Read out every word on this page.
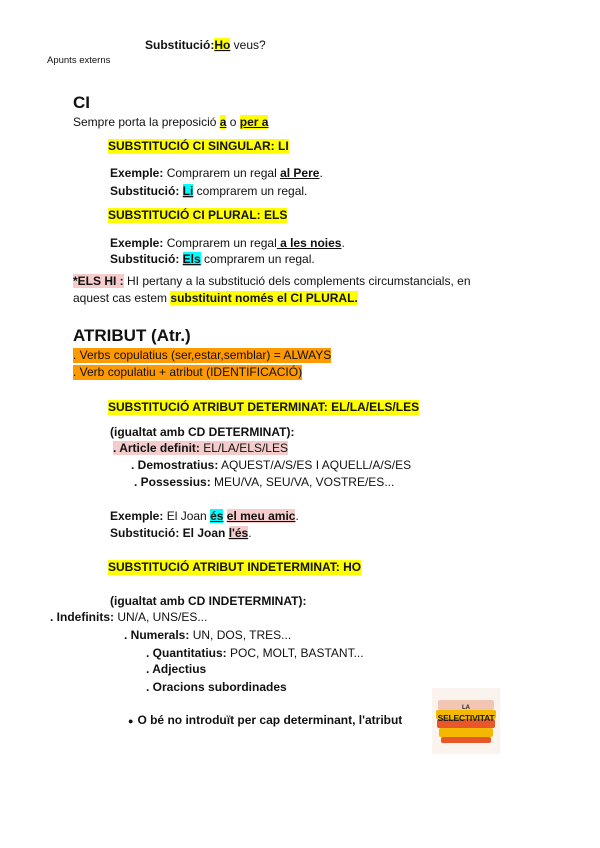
Substitució:Ho veus?
Apunts externs
CI
Sempre porta la preposició a o per a
SUBSTITUCIÓ CI SINGULAR: LI
Exemple: Comprarem un regal al Pere.
Substitució: Li comprarem un regal.
SUBSTITUCIÓ CI PLURAL: ELS
Exemple: Comprarem un regal a les noies.
Substitució: Els comprarem un regal.
*ELS HI : HI pertany a la substitució dels complements circumstancials, en
aquest cas estem substituint només el CI PLURAL.
ATRIBUT (Atr.)
. Verbs copulatius (ser,estar,semblar) = ALWAYS
. Verb copulatiu + atribut (IDENTIFICACIÓ)
SUBSTITUCIÓ ATRIBUT DETERMINAT: EL/LA/ELS/LES
(igualtat amb CD DETERMINAT):
. Article definit: EL/LA/ELS/LES
. Demostratius: AQUEST/A/S/ES I AQUELL/A/S/ES
. Possessius: MEU/VA, SEU/VA, VOSTRE/ES...
Exemple: El Joan és el meu amic.
Substitució: El Joan l'és.
SUBSTITUCIÓ ATRIBUT INDETERMINAT: HO
(igualtat amb CD INDETERMINAT):
. Indefinits: UN/A, UNS/ES...
. Numerals: UN, DOS, TRES...
. Quantitatius: POC, MOLT, BASTANT...
. Adjectius
. Oracions subordinades
● O bé no introduït per cap determinant, l'atribut
LA
SELECTIVITAT
